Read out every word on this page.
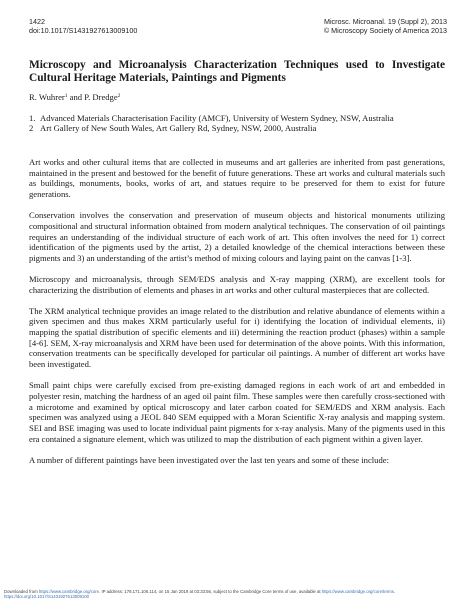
1422
doi:10.1017/S1431927613009100
Microsc. Microanal. 19 (Suppl 2), 2013
© Microscopy Society of America 2013
Microscopy and Microanalysis Characterization Techniques used to Investigate Cultural Heritage Materials, Paintings and Pigments
R. Wuhrer$^1$ and P. Dredge$^2$
1. Advanced Materials Characterisation Facility (AMCF), University of Western Sydney, NSW, Australia
2 Art Gallery of New South Wales, Art Gallery Rd, Sydney, NSW, 2000, Australia

Art works and other cultural items that are collected in museums and art galleries are inherited from past generations, maintained in the present and bestowed for the benefit of future generations. These art works and cultural materials such as buildings, monuments, books, works of art, and statues require to be preserved for them to exist for future generations.

Conservation involves the conservation and preservation of museum objects and historical monuments utilizing compositional and structural information obtained from modern analytical techniques. The conservation of oil paintings requires an understanding of the individual structure of each work of art. This often involves the need for 1) correct identification of the pigments used by the artist, 2) a detailed knowledge of the chemical interactions between these pigments and 3) an understanding of the artist’s method of mixing colours and laying paint on the canvas [1-3].

Microscopy and microanalysis, through SEM/EDS analysis and X-ray mapping (XRM), are excellent tools for characterizing the distribution of elements and phases in art works and other cultural masterpieces that are collected.

The XRM analytical technique provides an image related to the distribution and relative abundance of elements within a given specimen and thus makes XRM particularly useful for i) identifying the location of individual elements, ii) mapping the spatial distribution of specific elements and iii) determining the reaction product (phases) within a sample [4-6]. SEM, X-ray microanalysis and XRM have been used for determination of the above points. With this information, conservation treatments can be specifically developed for particular oil paintings. A number of different art works have been investigated.

Small paint chips were carefully excised from pre-existing damaged regions in each work of art and embedded in polyester resin, matching the hardness of an aged oil paint film. These samples were then carefully cross-sectioned with a microtome and examined by optical microscopy and later carbon coated for SEM/EDS and XRM analysis. Each specimen was analyzed using a JEOL 840 SEM equipped with a Moran Scientific X-ray analysis and mapping system. SEI and BSE imaging was used to locate individual paint pigments for x-ray analysis. Many of the pigments used in this era contained a signature element, which was utilized to map the distribution of each pigment within a given layer.

A number of different paintings have been investigated over the last ten years and some of these include:

Downloaded from https://www.cambridge.org/core. IP address: 178.171.106.114, on 15 Jan 2019 at 03:33:56, subject to the Cambridge Core terms of use, available at https://www.cambridge.org/core/terms.
https://doi.org/10.1017/S1431927613009100
